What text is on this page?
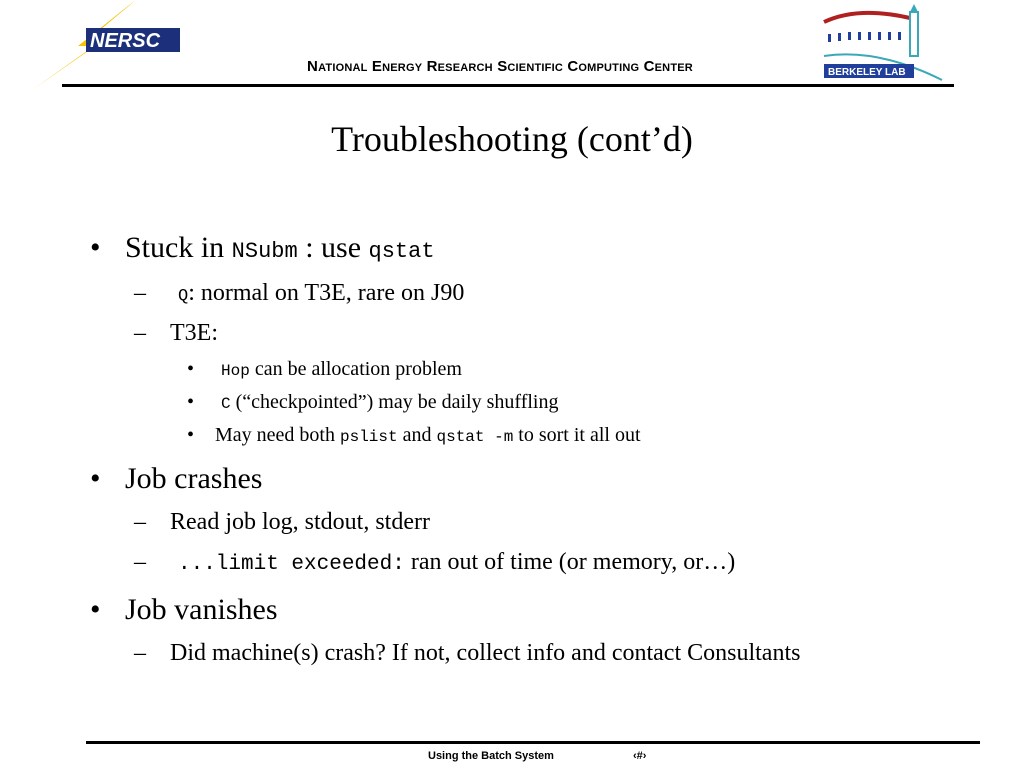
NERSC
National Energy Research Scientific Computing Center	BERKELEY LAB
Troubleshooting (cont’d)
• Stuck in NSubm : use qstat
– Q: normal on T3E, rare on J90
– T3E:
• Hop can be allocation problem
• C (“checkpointed”) may be daily shuffling
• May need both pslist and qstat -m to sort it all out
• Job crashes
– Read job log, stdout, stderr
– ...limit exceeded: ran out of time (or memory, or…)
• Job vanishes
– Did machine(s) crash? If not, collect info and contact Consultants
Using the Batch System	‹#›
